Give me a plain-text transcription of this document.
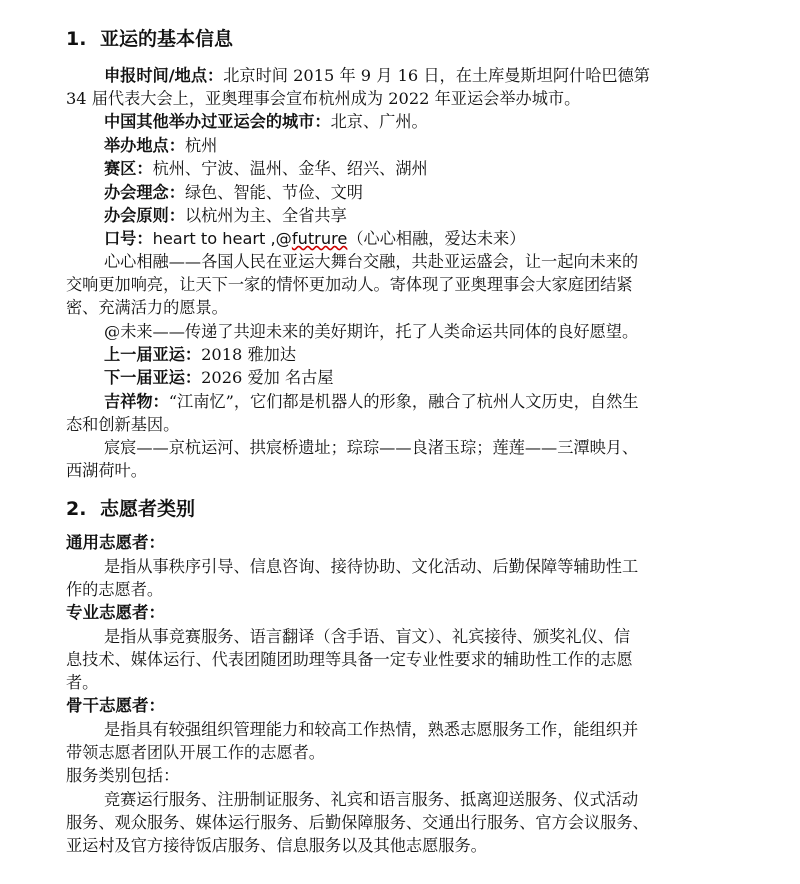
1. 亚运的基本信息
申报时间/地点：北京时间 2015 年 9 月 16 日，在土库曼斯坦阿什哈巴德第
34 届代表大会上，亚奥理事会宣布杭州成为 2022 年亚运会举办城市。
中国其他举办过亚运会的城市：北京、广州。
举办地点：杭州
赛区：杭州、宁波、温州、金华、绍兴、湖州
办会理念：绿色、智能、节俭、文明
办会原则：以杭州为主、全省共享
口号：heart to heart ,@futrure（心心相融，爱达未来）
心心相融——各国人民在亚运大舞台交融，共赴亚运盛会，让一起向未来的
交响更加响亮，让天下一家的情怀更加动人。寄体现了亚奥理事会大家庭团结紧
密、充满活力的愿景。
@未来——传递了共迎未来的美好期许，托了人类命运共同体的良好愿望。
上一届亚运：2018 雅加达
下一届亚运：2026 爱加 名古屋
吉祥物：“江南忆”，它们都是机器人的形象，融合了杭州人文历史，自然生
态和创新基因。
宸宸——京杭运河、拱宸桥遗址；琮琮——良渚玉琮；莲莲——三潭映月、
西湖荷叶。
2. 志愿者类别
通用志愿者：
是指从事秩序引导、信息咨询、接待协助、文化活动、后勤保障等辅助性工
作的志愿者。
专业志愿者：
是指从事竞赛服务、语言翻译（含手语、盲文）、礼宾接待、颁奖礼仪、信
息技术、媒体运行、代表团随团助理等具备一定专业性要求的辅助性工作的志愿
者。
骨干志愿者：
是指具有较强组织管理能力和较高工作热情，熟悉志愿服务工作，能组织并
带领志愿者团队开展工作的志愿者。
服务类别包括：
竞赛运行服务、注册制证服务、礼宾和语言服务、抵离迎送服务、仪式活动
服务、观众服务、媒体运行服务、后勤保障服务、交通出行服务、官方会议服务、
亚运村及官方接待饭店服务、信息服务以及其他志愿服务。
